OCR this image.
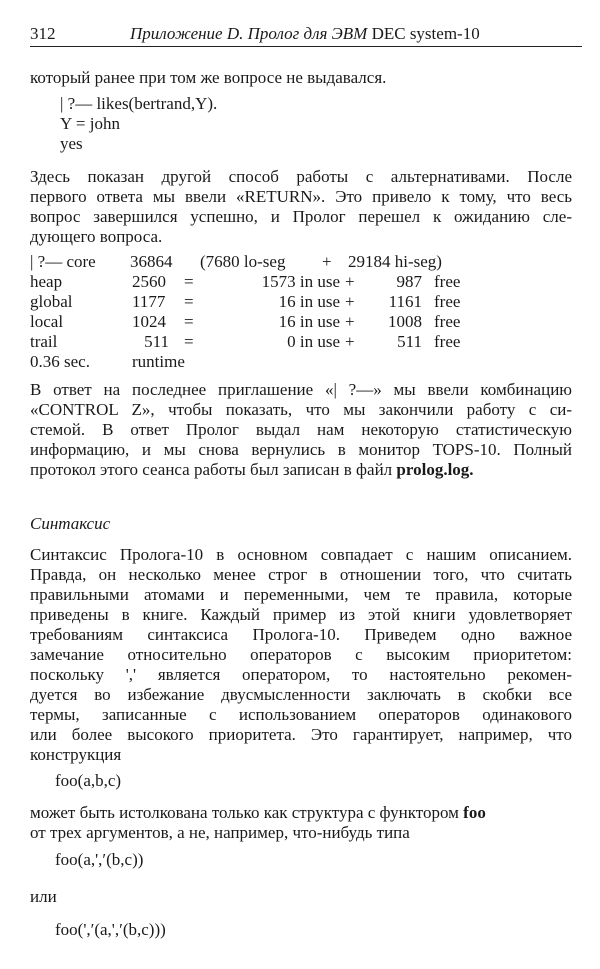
312	Приложение D. Пролог для ЭВМ DEC system-10
который ранее при том же вопросе не выдавался.
| ?— likes(bertrand,Y).
Y = john
yes
Здесь показан другой способ работы с альтернативами. После
первого ответа мы ввели «RETURN». Это привело к тому, что весь
вопрос завершился успешно, и Пролог перешел к ожиданию сле-
дующего вопроса.
| ?— core 36864 (7680 lo-seg + 29184 hi-seg)
heap	2560 =	1573 in use +	987 free
global	1177 =	16 in use +	1161 free
local	1024 =	16 in use +	1008 free
trail	511 =	0 in use +	511 free
0.36 sec. runtime
В ответ на последнее приглашение «| ?—» мы ввели комбинацию
«CONTROL Z», чтобы показать, что мы закончили работу с си-
стемой. В ответ Пролог выдал нам некоторую статистическую
информацию, и мы снова вернулись в монитор TOPS-10. Полный
протокол этого сеанса работы был записан в файл prolog.log.
Синтаксис
Синтаксис Пролога-10 в основном совпадает с нашим описанием.
Правда, он несколько менее строг в отношении того, что считать
правильными атомами и переменными, чем те правила, которые
приведены в книге. Каждый пример из этой книги удовлетворяет
требованиям синтаксиса Пролога-10. Приведем одно важное
замечание относительно операторов с высоким приоритетом:
поскольку ',' является оператором, то настоятельно рекомен-
дуется во избежание двусмысленности заключать в скобки все
термы, записанные с использованием операторов одинакового
или более высокого приоритета. Это гарантирует, например, что
конструкция
foo(a,b,c)
может быть истолкована только как структура с функтором foo
от трех аргументов, а не, например, что-нибудь типа
foo(a,',′(b,c))
или
foo(',′(a,',′(b,c)))
